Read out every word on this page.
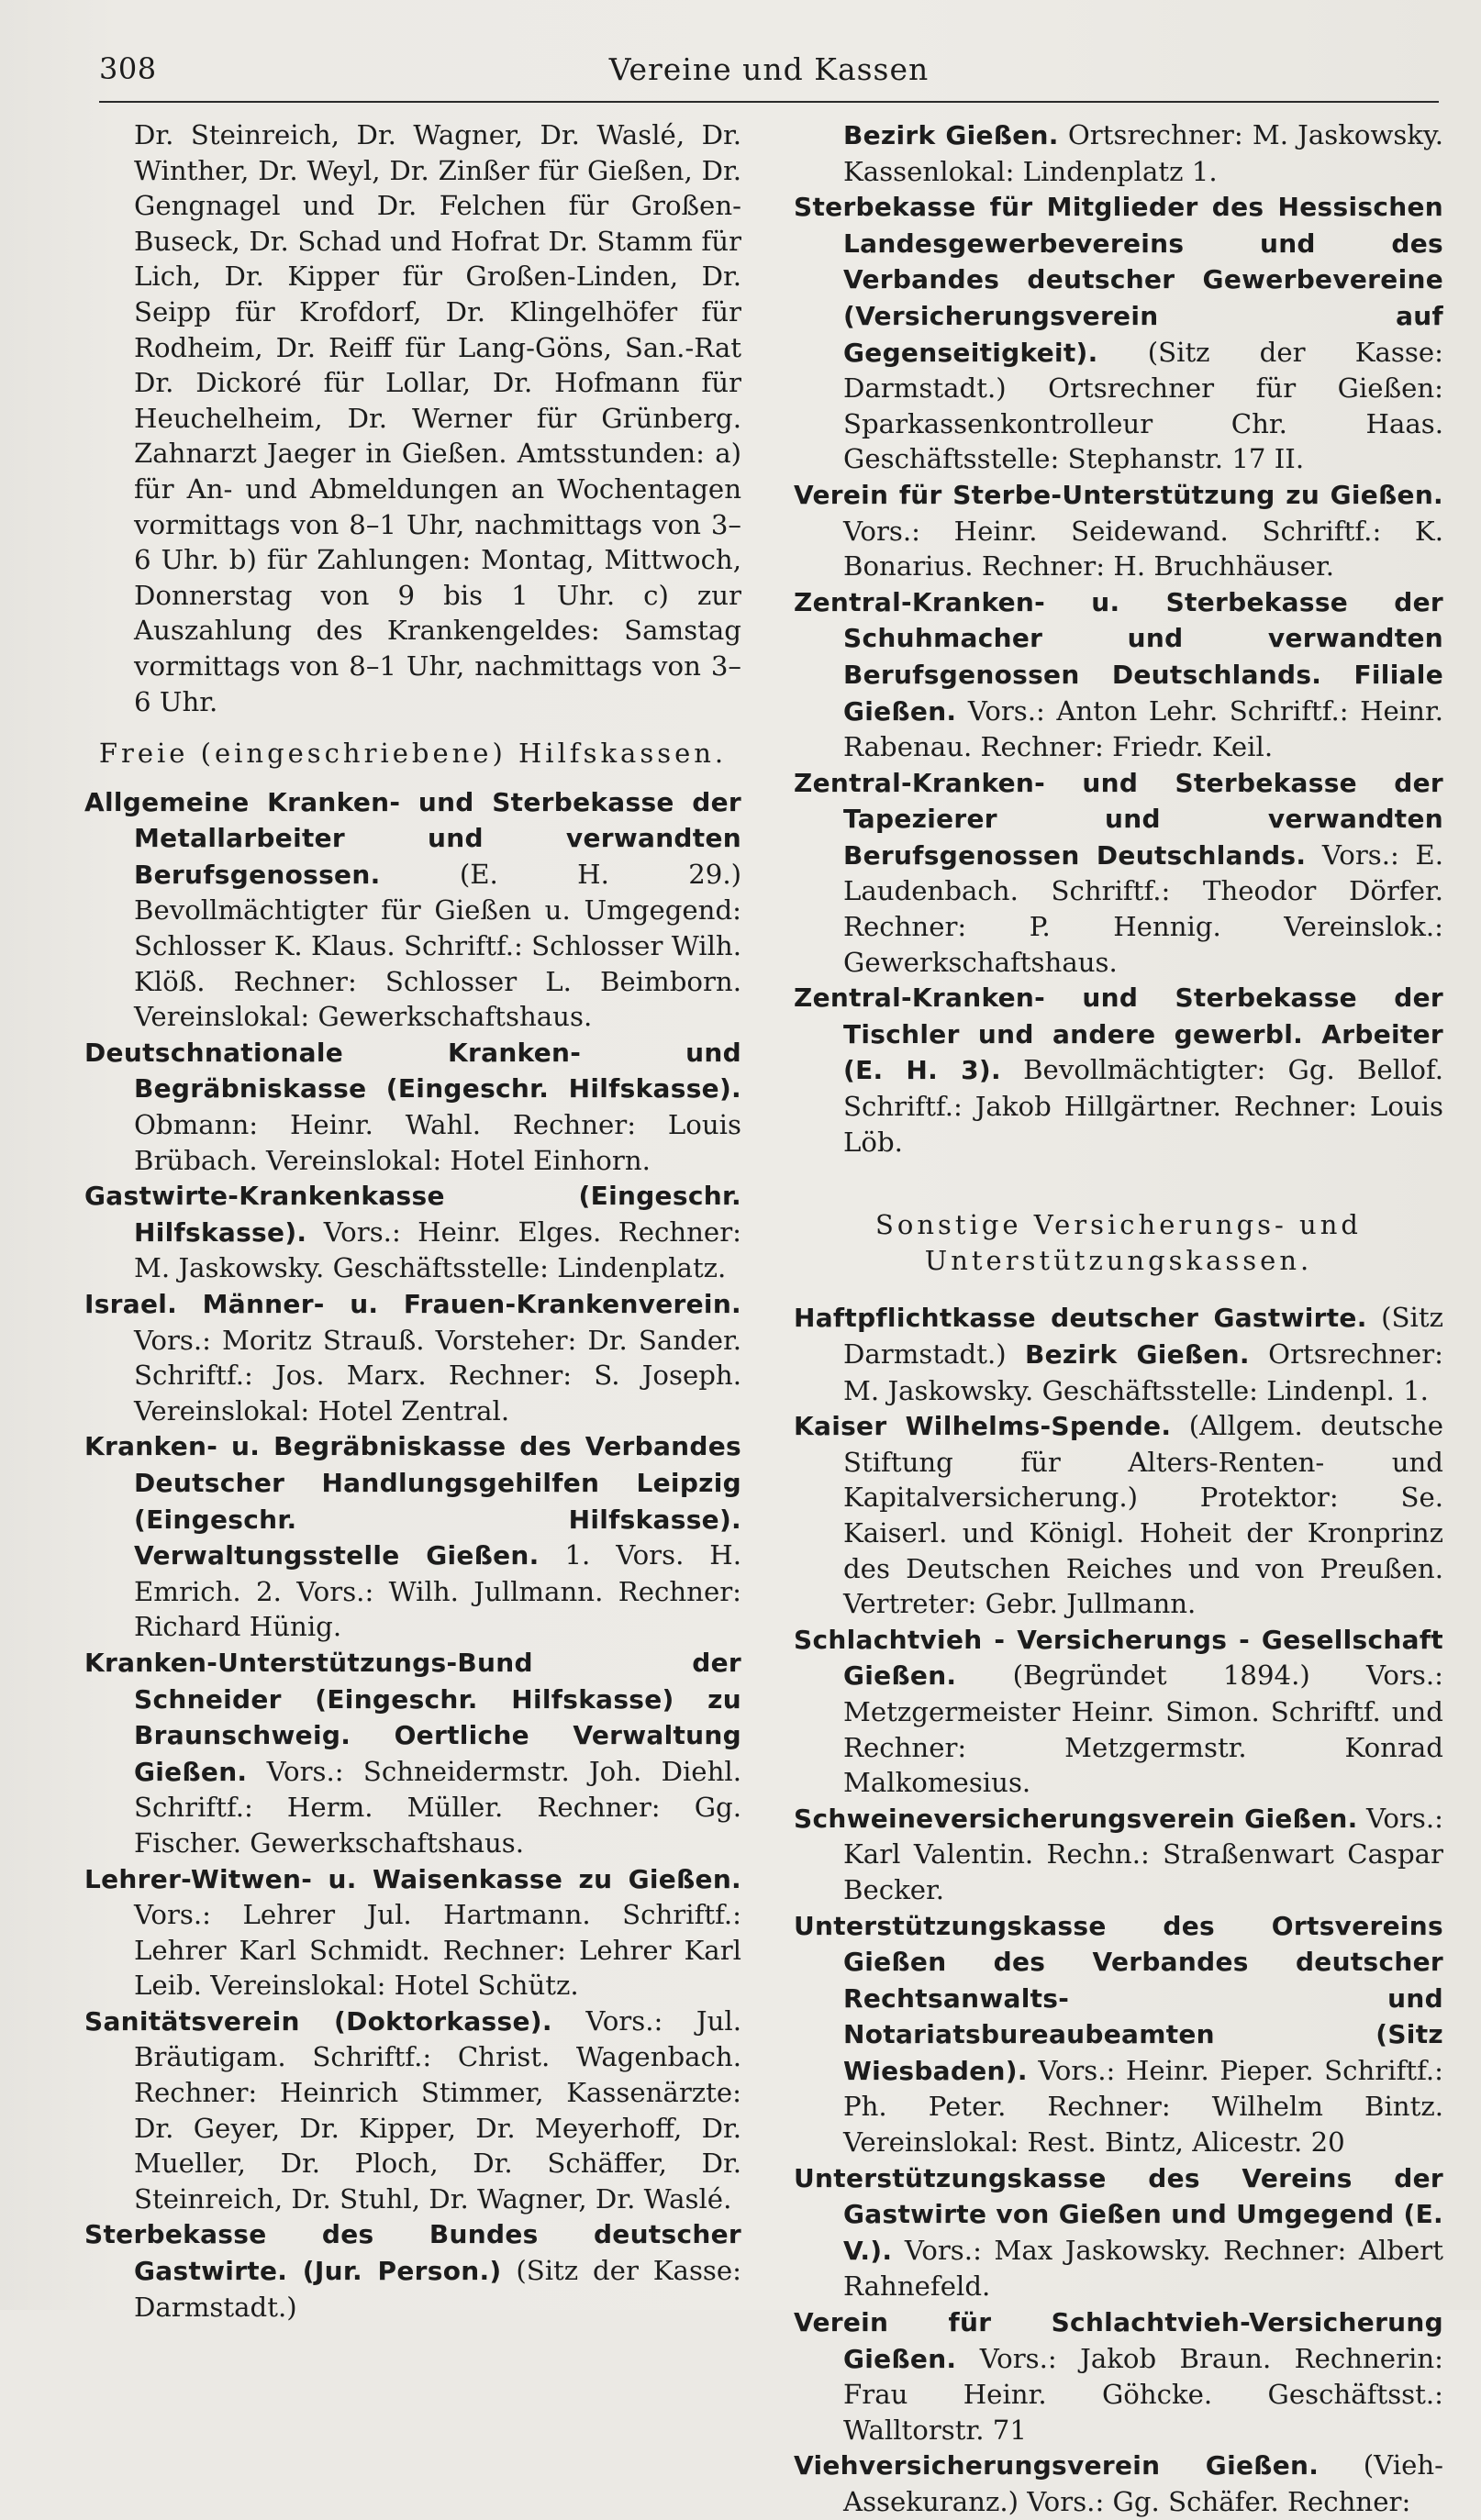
308	Vereine und Kassen

Dr. Steinreich, Dr. Wagner, Dr. Waslé, Dr. Winther, Dr. Weyl, Dr. Zinßer für Gießen, Dr. Gengnagel und Dr. Felchen für Großen-Buseck, Dr. Schad und Hofrat Dr. Stamm für Lich, Dr. Kipper für Großen-Linden, Dr. Seipp für Krofdorf, Dr. Klingelhöfer für Rodheim, Dr. Reiff für Lang-Göns, San.-Rat Dr. Dickoré für Lollar, Dr. Hofmann für Heuchelheim, Dr. Werner für Grünberg. Zahnarzt Jaeger in Gießen. Amtsstunden: a) für An- und Abmeldungen an Wochentagen vormittags von 8–1 Uhr, nachmittags von 3–6 Uhr. b) für Zahlungen: Montag, Mittwoch, Donnerstag von 9 bis 1 Uhr. c) zur Auszahlung des Krankengeldes: Samstag vormittags von 8–1 Uhr, nachmittags von 3–6 Uhr.

Freie (eingeschriebene) Hilfskassen.

Allgemeine Kranken- und Sterbekasse der Metallarbeiter und verwandten Berufsgenossen. (E. H. 29.) Bevollmächtigter für Gießen u. Umgegend: Schlosser K. Klaus. Schriftf.: Schlosser Wilh. Klöß. Rechner: Schlosser L. Beimborn. Vereinslokal: Gewerkschaftshaus.

Deutschnationale Kranken- und Begräbniskasse (Eingeschr. Hilfskasse). Obmann: Heinr. Wahl. Rechner: Louis Brübach. Vereinslokal: Hotel Einhorn.

Gastwirte-Krankenkasse (Eingeschr. Hilfskasse). Vors.: Heinr. Elges. Rechner: M. Jaskowsky. Geschäftsstelle: Lindenplatz.

Israel. Männer- u. Frauen-Krankenverein. Vors.: Moritz Strauß. Vorsteher: Dr. Sander. Schriftf.: Jos. Marx. Rechner: S. Joseph. Vereinslokal: Hotel Zentral.

Kranken- u. Begräbniskasse des Verbandes Deutscher Handlungsgehilfen Leipzig (Eingeschr. Hilfskasse). Verwaltungsstelle Gießen. 1. Vors. H. Emrich. 2. Vors.: Wilh. Jullmann. Rechner: Richard Hünig.

Kranken-Unterstützungs-Bund der Schneider (Eingeschr. Hilfskasse) zu Braunschweig. Oertliche Verwaltung Gießen. Vors.: Schneidermstr. Joh. Diehl. Schriftf.: Herm. Müller. Rechner: Gg. Fischer. Gewerkschaftshaus.

Lehrer-Witwen- u. Waisenkasse zu Gießen. Vors.: Lehrer Jul. Hartmann. Schriftf.: Lehrer Karl Schmidt. Rechner: Lehrer Karl Leib. Vereinslokal: Hotel Schütz.

Sanitätsverein (Doktorkasse). Vors.: Jul. Bräutigam. Schriftf.: Christ. Wagenbach. Rechner: Heinrich Stimmer, Kassenärzte: Dr. Geyer, Dr. Kipper, Dr. Meyerhoff, Dr. Mueller, Dr. Ploch, Dr. Schäffer, Dr. Steinreich, Dr. Stuhl, Dr. Wagner, Dr. Waslé.

Sterbekasse des Bundes deutscher Gastwirte. (Jur. Person.) (Sitz der Kasse: Darmstadt.)

Bezirk Gießen. Ortsrechner: M. Jaskowsky. Kassenlokal: Lindenplatz 1.

Sterbekasse für Mitglieder des Hessischen Landesgewerbevereins und des Verbandes deutscher Gewerbevereine (Versicherungsverein auf Gegenseitigkeit). (Sitz der Kasse: Darmstadt.) Ortsrechner für Gießen: Sparkassenkontrolleur Chr. Haas. Geschäftsstelle: Stephanstr. 17 II.

Verein für Sterbe-Unterstützung zu Gießen. Vors.: Heinr. Seidewand. Schriftf.: K. Bonarius. Rechner: H. Bruchhäuser.

Zentral-Kranken- u. Sterbekasse der Schuhmacher und verwandten Berufsgenossen Deutschlands. Filiale Gießen. Vors.: Anton Lehr. Schriftf.: Heinr. Rabenau. Rechner: Friedr. Keil.

Zentral-Kranken- und Sterbekasse der Tapezierer und verwandten Berufsgenossen Deutschlands. Vors.: E. Laudenbach. Schriftf.: Theodor Dörfer. Rechner: P. Hennig. Vereinslok.: Gewerkschaftshaus.

Zentral-Kranken- und Sterbekasse der Tischler und andere gewerbl. Arbeiter (E. H. 3). Bevollmächtigter: Gg. Bellof. Schriftf.: Jakob Hillgärtner. Rechner: Louis Löb.

Sonstige Versicherungs- und Unterstützungskassen.

Haftpflichtkasse deutscher Gastwirte. (Sitz Darmstadt.) Bezirk Gießen. Ortsrechner: M. Jaskowsky. Geschäftsstelle: Lindenpl. 1.

Kaiser Wilhelms-Spende. (Allgem. deutsche Stiftung für Alters-Renten- und Kapitalversicherung.) Protektor: Se. Kaiserl. und Königl. Hoheit der Kronprinz des Deutschen Reiches und von Preußen. Vertreter: Gebr. Jullmann.

Schlachtvieh - Versicherungs - Gesellschaft Gießen. (Begründet 1894.) Vors.: Metzgermeister Heinr. Simon. Schriftf. und Rechner: Metzgermstr. Konrad Malkomesius.

Schweineversicherungsverein Gießen. Vors.: Karl Valentin. Rechn.: Straßenwart Caspar Becker.

Unterstützungskasse des Ortsvereins Gießen des Verbandes deutscher Rechtsanwalts- und Notariatsbureaubeamten (Sitz Wiesbaden). Vors.: Heinr. Pieper. Schriftf.: Ph. Peter. Rechner: Wilhelm Bintz. Vereinslokal: Rest. Bintz, Alicestr. 20

Unterstützungskasse des Vereins der Gastwirte von Gießen und Umgegend (E. V.). Vors.: Max Jaskowsky. Rechner: Albert Rahnefeld.

Verein für Schlachtvieh-Versicherung Gießen. Vors.: Jakob Braun. Rechnerin: Frau Heinr. Göhcke. Geschäftsst.: Walltorstr. 71

Viehversicherungsverein Gießen. (Vieh-Assekuranz.) Vors.: Gg. Schäfer. Rechner:
